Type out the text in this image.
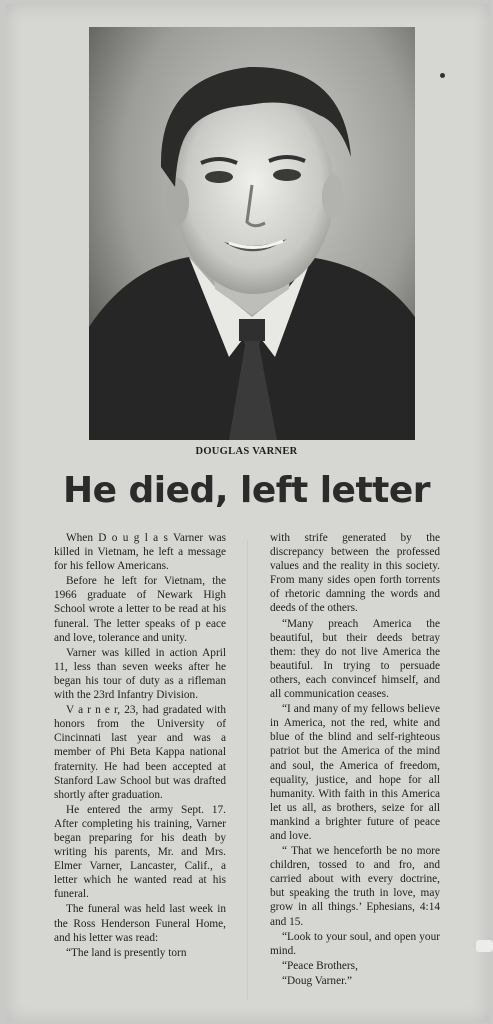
DOUGLAS VARNER
He died, left letter

When D o u g l a s Varner was killed in Vietnam, he left a message for his fellow Americans.

Before he left for Vietnam, the 1966 graduate of Newark High School wrote a letter to be read at his funeral. The letter speaks of p eace and love, tolerance and unity.

Varner was killed in action April 11, less than seven weeks after he began his tour of duty as a rifleman with the 23rd Infantry Division.

V a r n e r, 23, had gradated with honors from the University of Cincinnati last year and was a member of Phi Beta Kappa national fraternity. He had been accepted at Stanford Law School but was drafted shortly after graduation.

He entered the army Sept. 17. After completing his training, Varner began preparing for his death by writing his parents, Mr. and Mrs. Elmer Varner, Lancaster, Calif., a letter which he wanted read at his funeral.

The funeral was held last week in the Ross Henderson Funeral Home, and his letter was read:

“The land is presently torn

with strife generated by the discrepancy between the professed values and the reality in this society. From many sides open forth torrents of rhetoric damning the words and deeds of the others.

“Many preach America the beautiful, but their deeds betray them: they do not live America the beautiful. In trying to persuade others, each convincef himself, and all communication ceases.

“I and many of my fellows believe in America, not the red, white and blue of the blind and self-righteous patriot but the America of the mind and soul, the America of freedom, equality, justice, and hope for all humanity. With faith in this America let us all, as brothers, seize for all mankind a brighter future of peace and love.

“ That we henceforth be no more children, tossed to and fro, and carried about with every doctrine, but speaking the truth in love, may grow in all things.’ Ephesians, 4:14 and 15.

“Look to your soul, and open your mind.

“Peace Brothers,

“Doug Varner.”
